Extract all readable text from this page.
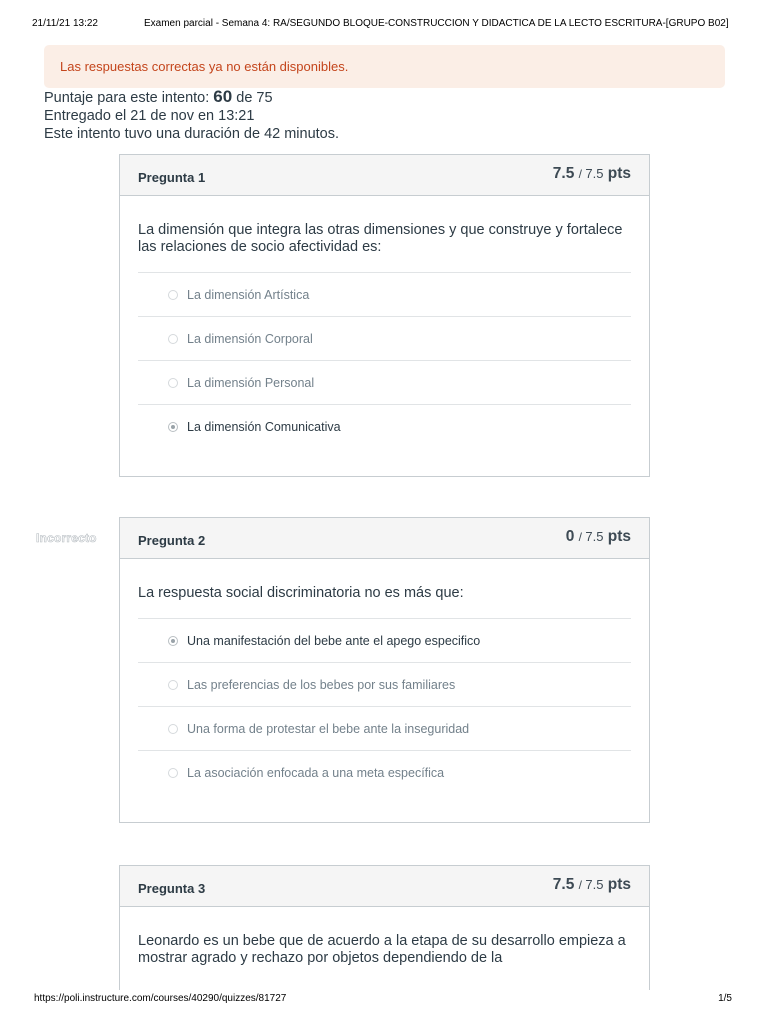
21/11/21 13:22	Examen parcial - Semana 4: RA/SEGUNDO BLOQUE-CONSTRUCCION Y DIDACTICA DE LA LECTO ESCRITURA-[GRUPO B02]
Las respuestas correctas ya no están disponibles.
Puntaje para este intento: 60 de 75
Entregado el 21 de nov en 13:21
Este intento tuvo una duración de 42 minutos.
Pregunta 1	7.5 / 7.5 pts
La dimensión que integra las otras dimensiones y que construye y fortalece las relaciones de socio afectividad es:
La dimensión Artística
La dimensión Corporal
La dimensión Personal
La dimensión Comunicativa
Incorrecto	Pregunta 2	0 / 7.5 pts
La respuesta social discriminatoria no es más que:
Una manifestación del bebe ante el apego especifico
Las preferencias de los bebes por sus familiares
Una forma de protestar el bebe ante la inseguridad
La asociación enfocada a una meta específica
Pregunta 3	7.5 / 7.5 pts
Leonardo es un bebe que de acuerdo a la etapa de su desarrollo empieza a mostrar agrado y rechazo por objetos dependiendo de la
https://poli.instructure.com/courses/40290/quizzes/81727	1/5
